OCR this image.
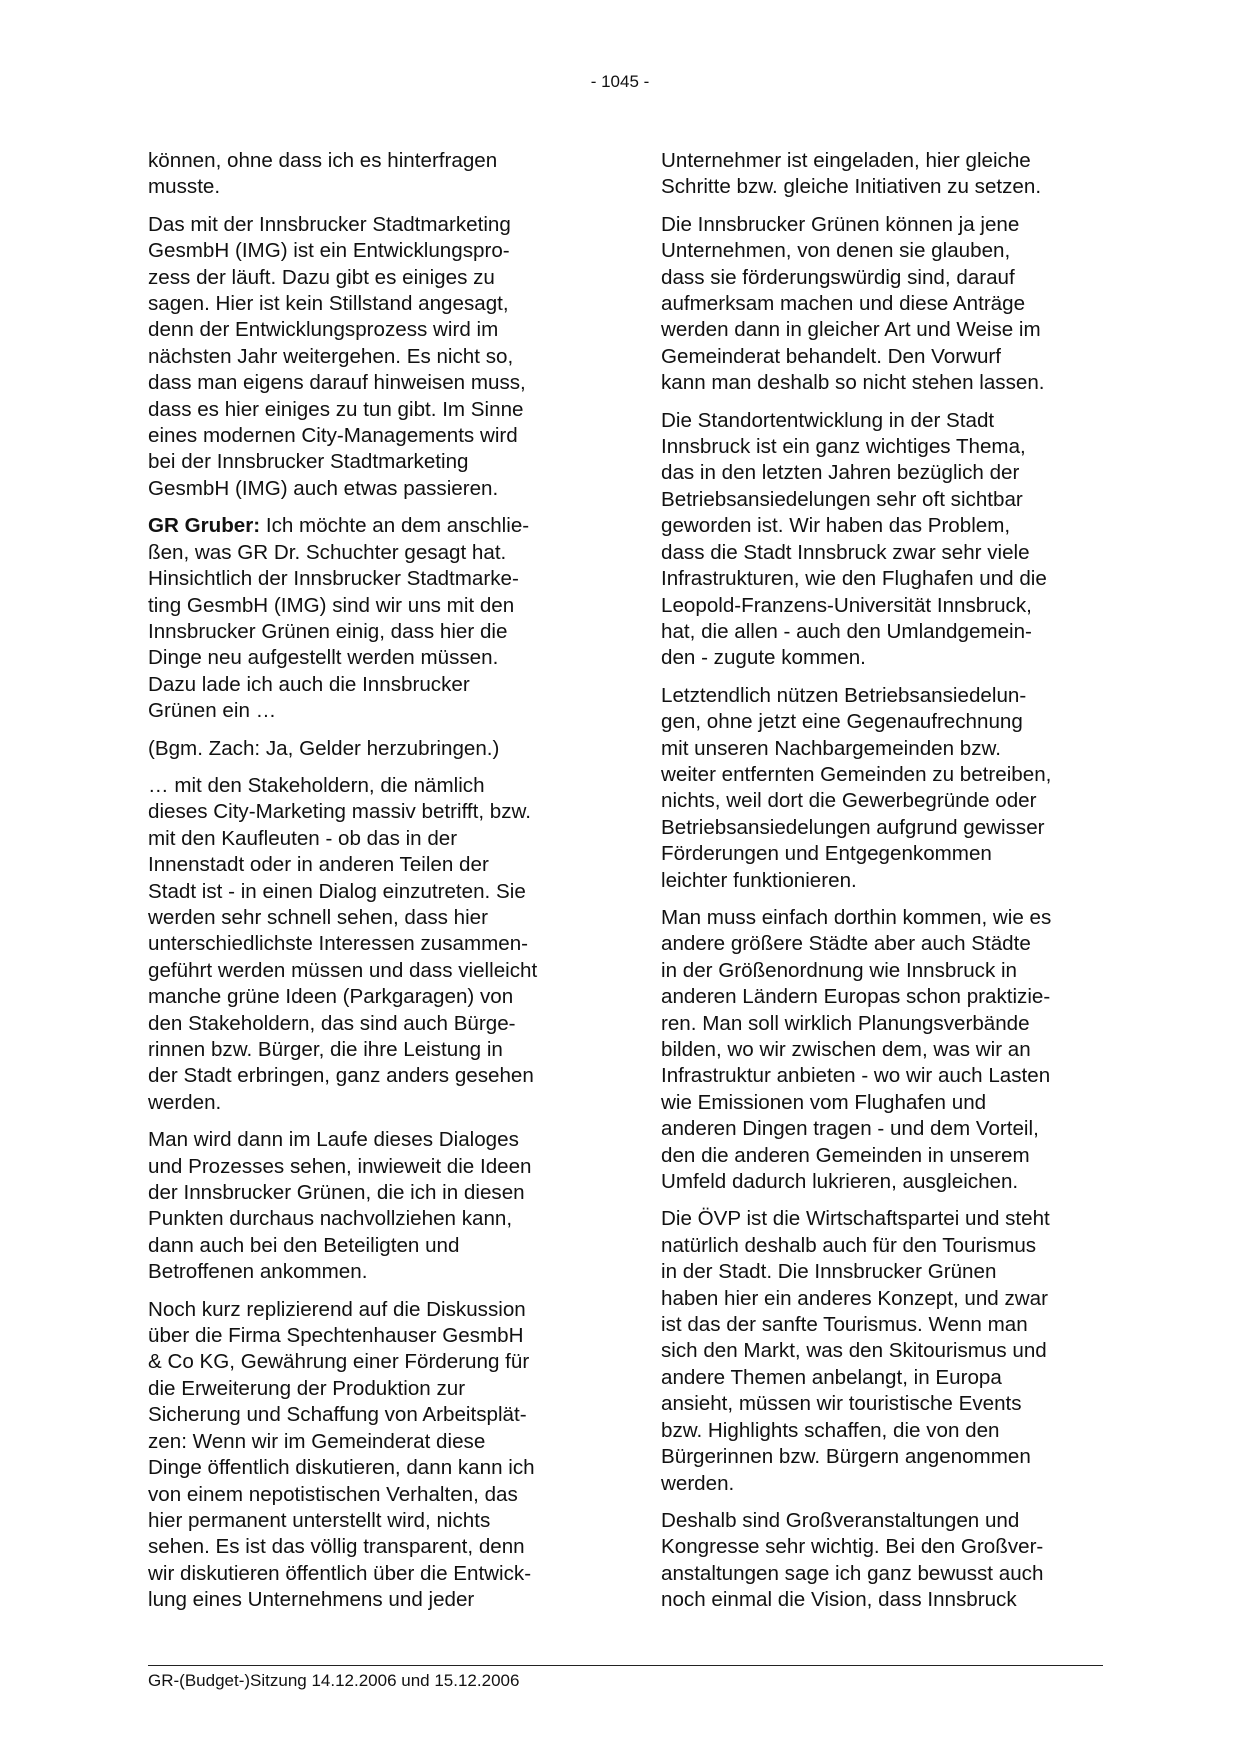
- 1045 -
können, ohne dass ich es hinterfragen
musste.
Das mit der Innsbrucker Stadtmarketing
GesmbH (IMG) ist ein Entwicklungspro-
zess der läuft. Dazu gibt es einiges zu
sagen. Hier ist kein Stillstand angesagt,
denn der Entwicklungsprozess wird im
nächsten Jahr weitergehen. Es nicht so,
dass man eigens darauf hinweisen muss,
dass es hier einiges zu tun gibt. Im Sinne
eines modernen City-Managements wird
bei der Innsbrucker Stadtmarketing
GesmbH (IMG) auch etwas passieren.
GR Gruber: Ich möchte an dem anschlie-
ßen, was GR Dr. Schuchter gesagt hat.
Hinsichtlich der Innsbrucker Stadtmarke-
ting GesmbH (IMG) sind wir uns mit den
Innsbrucker Grünen einig, dass hier die
Dinge neu aufgestellt werden müssen.
Dazu lade ich auch die Innsbrucker
Grünen ein …
(Bgm. Zach: Ja, Gelder herzubringen.)
… mit den Stakeholdern, die nämlich
dieses City-Marketing massiv betrifft, bzw.
mit den Kaufleuten - ob das in der
Innenstadt oder in anderen Teilen der
Stadt ist - in einen Dialog einzutreten. Sie
werden sehr schnell sehen, dass hier
unterschiedlichste Interessen zusammen-
geführt werden müssen und dass vielleicht
manche grüne Ideen (Parkgaragen) von
den Stakeholdern, das sind auch Bürge-
rinnen bzw. Bürger, die ihre Leistung in
der Stadt erbringen, ganz anders gesehen
werden.
Man wird dann im Laufe dieses Dialoges
und Prozesses sehen, inwieweit die Ideen
der Innsbrucker Grünen, die ich in diesen
Punkten durchaus nachvollziehen kann,
dann auch bei den Beteiligten und
Betroffenen ankommen.
Noch kurz replizierend auf die Diskussion
über die Firma Spechtenhauser GesmbH
& Co KG, Gewährung einer Förderung für
die Erweiterung der Produktion zur
Sicherung und Schaffung von Arbeitsplät-
zen: Wenn wir im Gemeinderat diese
Dinge öffentlich diskutieren, dann kann ich
von einem nepotistischen Verhalten, das
hier permanent unterstellt wird, nichts
sehen. Es ist das völlig transparent, denn
wir diskutieren öffentlich über die Entwick-
lung eines Unternehmens und jeder
Unternehmer ist eingeladen, hier gleiche
Schritte bzw. gleiche Initiativen zu setzen.
Die Innsbrucker Grünen können ja jene
Unternehmen, von denen sie glauben,
dass sie förderungswürdig sind, darauf
aufmerksam machen und diese Anträge
werden dann in gleicher Art und Weise im
Gemeinderat behandelt. Den Vorwurf
kann man deshalb so nicht stehen lassen.
Die Standortentwicklung in der Stadt
Innsbruck ist ein ganz wichtiges Thema,
das in den letzten Jahren bezüglich der
Betriebsansiedelungen sehr oft sichtbar
geworden ist. Wir haben das Problem,
dass die Stadt Innsbruck zwar sehr viele
Infrastrukturen, wie den Flughafen und die
Leopold-Franzens-Universität Innsbruck,
hat, die allen - auch den Umlandgemein-
den - zugute kommen.
Letztendlich nützen Betriebsansiedelun-
gen, ohne jetzt eine Gegenaufrechnung
mit unseren Nachbargemeinden bzw.
weiter entfernten Gemeinden zu betreiben,
nichts, weil dort die Gewerbegründe oder
Betriebsansiedelungen aufgrund gewisser
Förderungen und Entgegenkommen
leichter funktionieren.
Man muss einfach dorthin kommen, wie es
andere größere Städte aber auch Städte
in der Größenordnung wie Innsbruck in
anderen Ländern Europas schon praktizie-
ren. Man soll wirklich Planungsverbände
bilden, wo wir zwischen dem, was wir an
Infrastruktur anbieten - wo wir auch Lasten
wie Emissionen vom Flughafen und
anderen Dingen tragen - und dem Vorteil,
den die anderen Gemeinden in unserem
Umfeld dadurch lukrieren, ausgleichen.
Die ÖVP ist die Wirtschaftspartei und steht
natürlich deshalb auch für den Tourismus
in der Stadt. Die Innsbrucker Grünen
haben hier ein anderes Konzept, und zwar
ist das der sanfte Tourismus. Wenn man
sich den Markt, was den Skitourismus und
andere Themen anbelangt, in Europa
ansieht, müssen wir touristische Events
bzw. Highlights schaffen, die von den
Bürgerinnen bzw. Bürgern angenommen
werden.
Deshalb sind Großveranstaltungen und
Kongresse sehr wichtig. Bei den Großver-
anstaltungen sage ich ganz bewusst auch
noch einmal die Vision, dass Innsbruck
GR-(Budget-)Sitzung 14.12.2006 und 15.12.2006
